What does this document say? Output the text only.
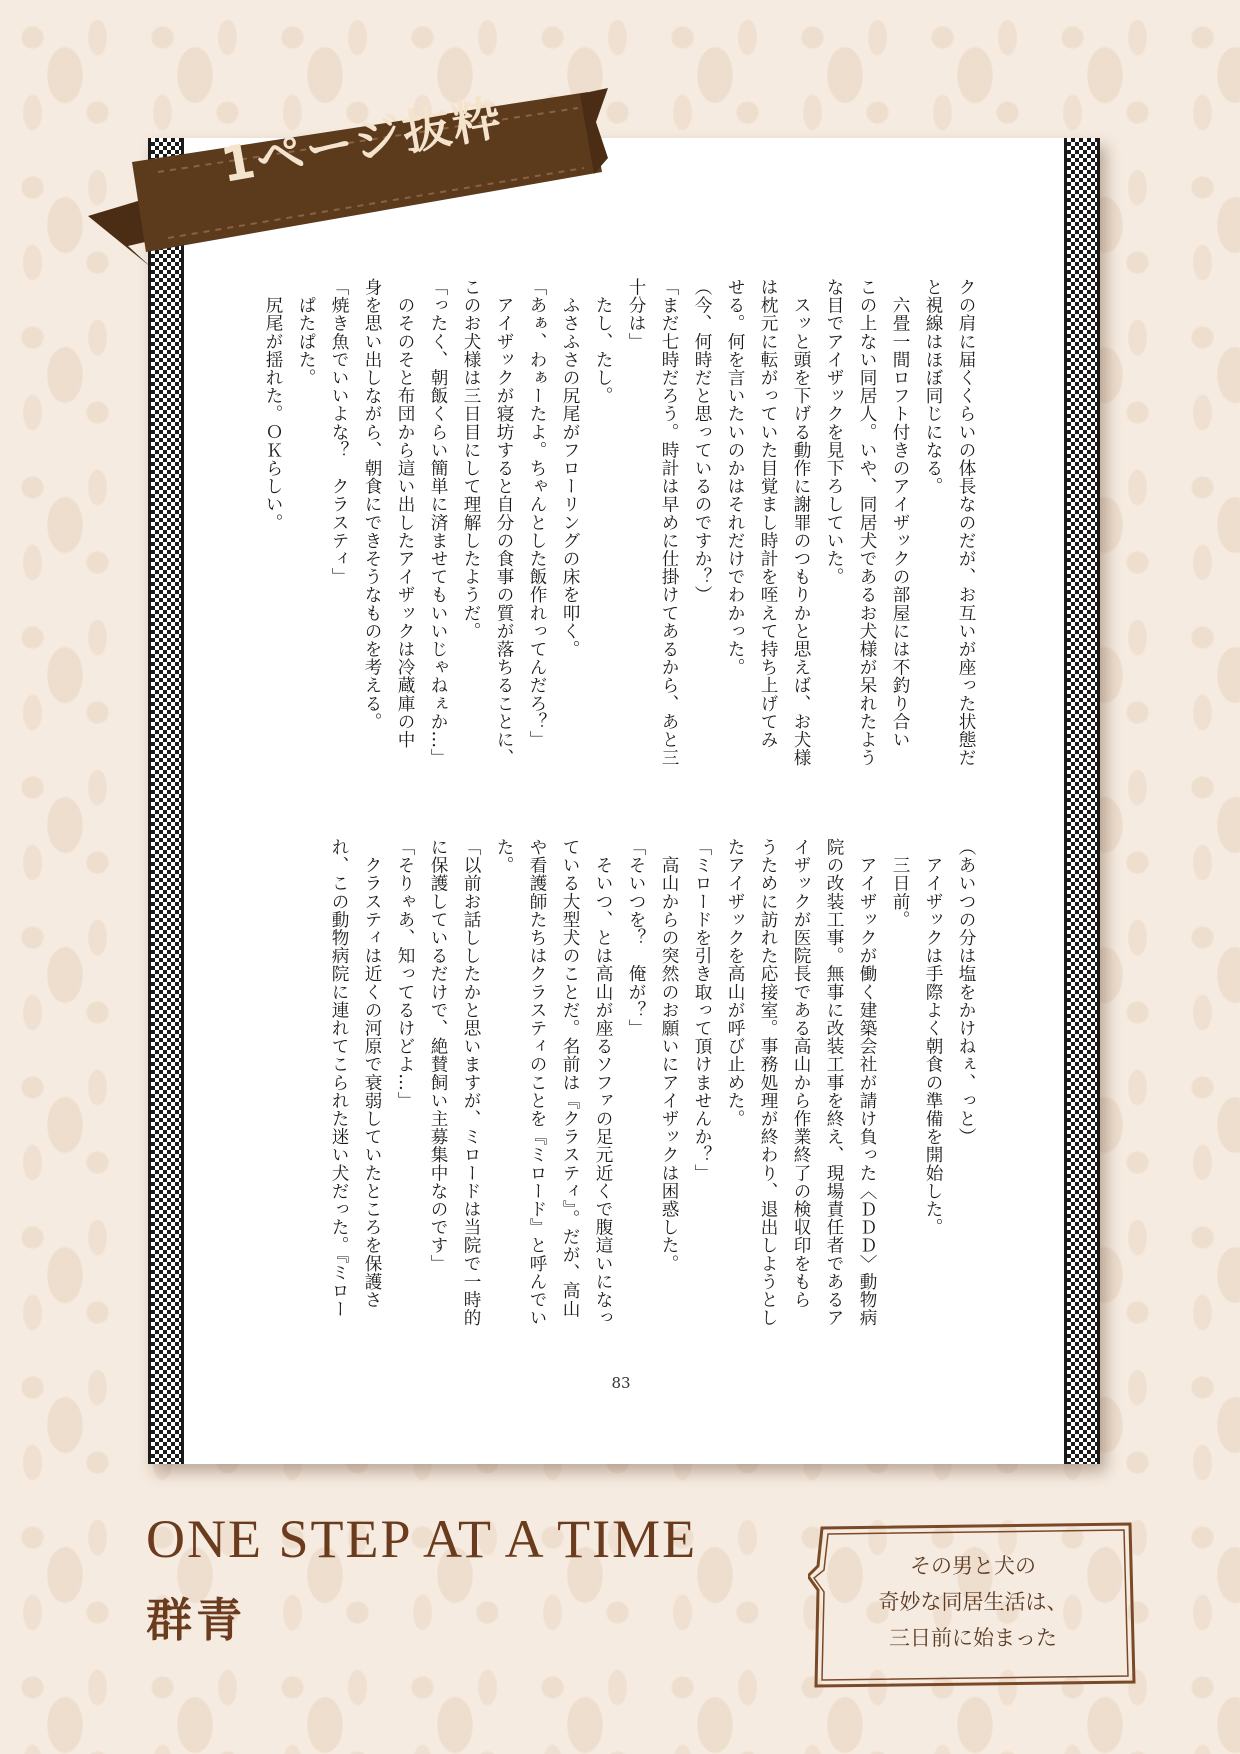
クの肩に届くくらいの体長なのだが、お互いが座った状態だ

と視線はほぼ同じになる。

　六畳一間ロフト付きのアイザックの部屋には不釣り合い

この上ない同居人。いや、同居犬であるお犬様が呆れたよう

な目でアイザックを見下ろしていた。

　スッと頭を下げる動作に謝罪のつもりかと思えば、お犬様

は枕元に転がっていた目覚まし時計を咥えて持ち上げてみ

せる。何を言いたいのかはそれだけでわかった。

（今、何時だと思っているのですか？）

「まだ七時だろう。時計は早めに仕掛けてあるから、あと三

十分は」

　たし、たし。

　ふさふさの尻尾がフローリングの床を叩く。

「あぁ、わぁーたよ。ちゃんとした飯作れってんだろ？」

　アイザックが寝坊すると自分の食事の質が落ちることに、

このお犬様は三日目にして理解したようだ。

「ったく、朝飯くらい簡単に済ませてもいいじゃねぇか…」

　のそのそと布団から這い出したアイザックは冷蔵庫の中

身を思い出しながら、朝食にできそうなものを考える。

「焼き魚でいいよな？　クラスティ」

　ぱたぱた。

　尻尾が揺れた。ＯＫらしい。

（あいつの分は塩をかけねぇ、っと）

　アイザックは手際よく朝食の準備を開始した。

　三日前。

　アイザックが働く建築会社が請け負った〈ＤＤＤ〉動物病

院の改装工事。無事に改装工事を終え、現場責任者であるア

イザックが医院長である高山から作業終了の検収印をもら

うために訪れた応接室。事務処理が終わり、退出しようとし

たアイザックを高山が呼び止めた。

「ミロードを引き取って頂けませんか？」

　高山からの突然のお願いにアイザックは困惑した。

「そいつを？　俺が？」

　そいつ、とは高山が座るソファの足元近くで腹這いになっ

ている大型犬のことだ。名前は『クラスティ』。だが、高山

や看護師たちはクラスティのことを『ミロード』と呼んでい

た。

「以前お話ししたかと思いますが、ミロードは当院で一時的

に保護しているだけで、絶賛飼い主募集中なのです」

「そりゃあ、知ってるけどよ…」

　クラスティは近くの河原で衰弱していたところを保護さ

れ、この動物病院に連れてこられた迷い犬だった。『ミロー

83
1ページ抜粋
ONE STEP AT A TIME
群青
その男と犬の
奇妙な同居生活は、
三日前に始まった
